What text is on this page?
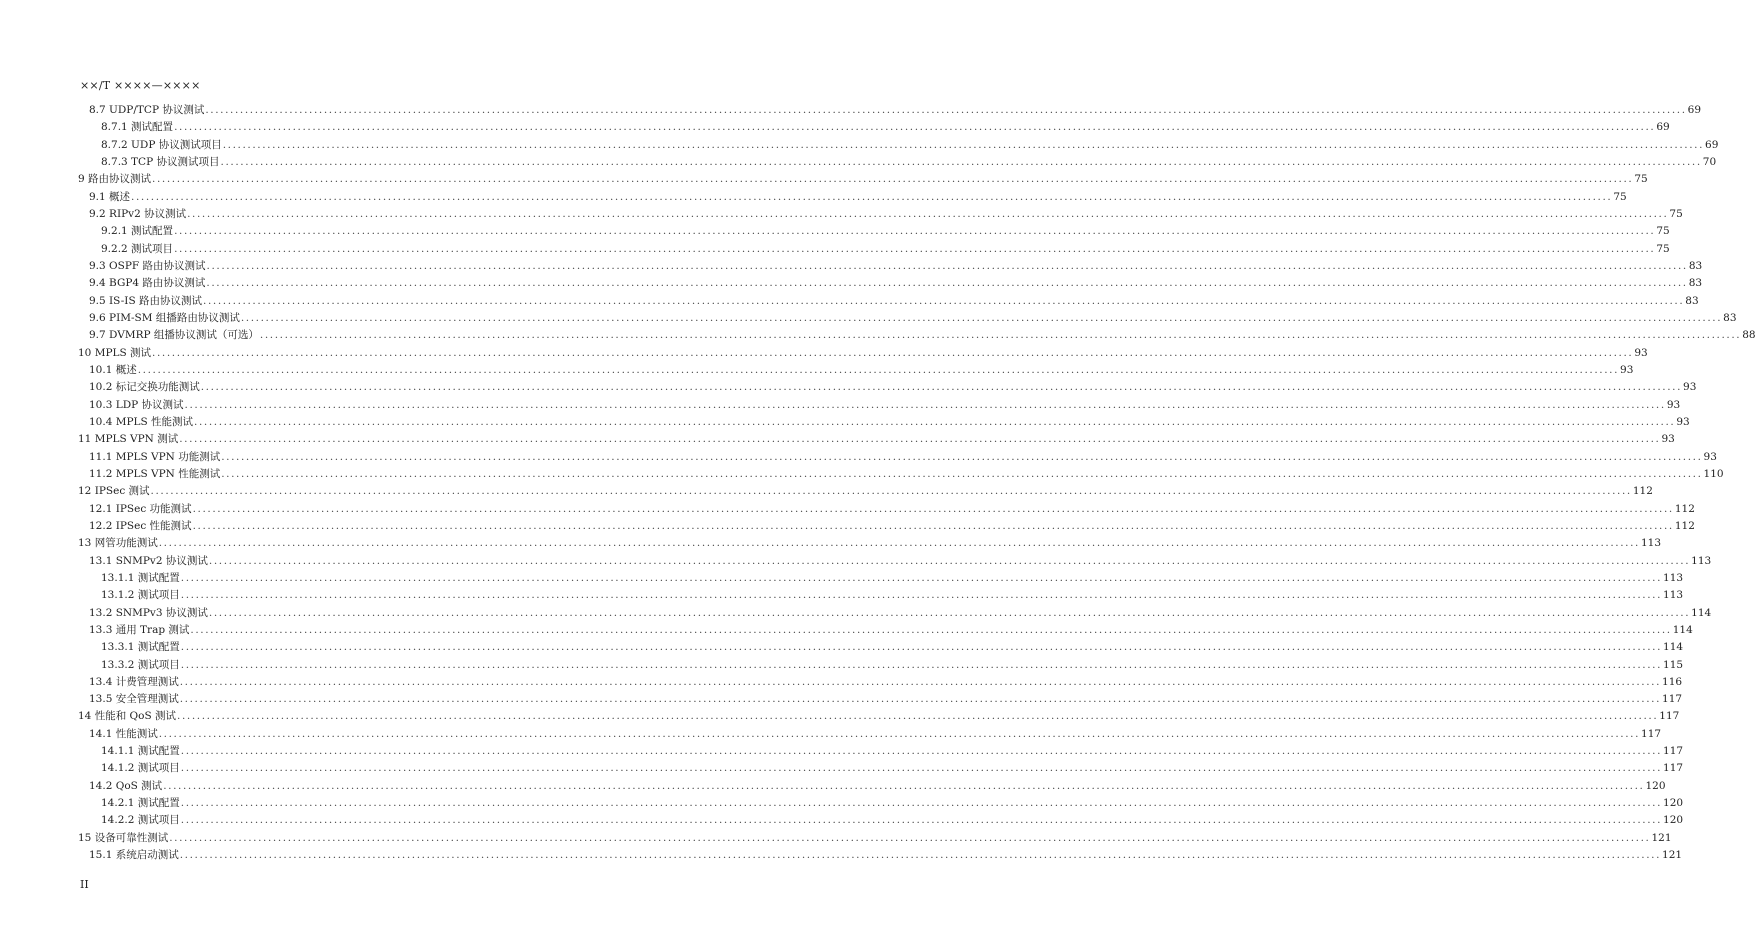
××/T ××××—××××
8.7 UDP/TCP 协议测试 ............................................................................................................................................................................................................................................................................................................ 69
8.7.1 测试配置 ............................................................................................................................................................................................................................................................................................................ 69
8.7.2 UDP 协议测试项目 ............................................................................................................................................................................................................................................................................................................ 69
8.7.3 TCP 协议测试项目 ............................................................................................................................................................................................................................................................................................................ 70
9 路由协议测试 ............................................................................................................................................................................................................................................................................................................ 75
9.1 概述 ............................................................................................................................................................................................................................................................................................................ 75
9.2 RIPv2 协议测试 ............................................................................................................................................................................................................................................................................................................ 75
9.2.1 测试配置 ............................................................................................................................................................................................................................................................................................................ 75
9.2.2 测试项目 ............................................................................................................................................................................................................................................................................................................ 75
9.3 OSPF 路由协议测试 ............................................................................................................................................................................................................................................................................................................ 83
9.4 BGP4 路由协议测试 ............................................................................................................................................................................................................................................................................................................ 83
9.5 IS-IS 路由协议测试 ............................................................................................................................................................................................................................................................................................................ 83
9.6 PIM-SM 组播路由协议测试 ............................................................................................................................................................................................................................................................................................................ 83
9.7 DVMRP 组播协议测试（可选） ............................................................................................................................................................................................................................................................................................................ 88
10 MPLS 测试 ............................................................................................................................................................................................................................................................................................................ 93
10.1 概述 ............................................................................................................................................................................................................................................................................................................ 93
10.2 标记交换功能测试 ............................................................................................................................................................................................................................................................................................................ 93
10.3 LDP 协议测试 ............................................................................................................................................................................................................................................................................................................ 93
10.4 MPLS 性能测试 ............................................................................................................................................................................................................................................................................................................ 93
11 MPLS VPN 测试 ............................................................................................................................................................................................................................................................................................................ 93
11.1 MPLS VPN 功能测试 ............................................................................................................................................................................................................................................................................................................ 93
11.2 MPLS VPN 性能测试 ............................................................................................................................................................................................................................................................................................................ 110
12 IPSec 测试 ............................................................................................................................................................................................................................................................................................................ 112
12.1 IPSec 功能测试 ............................................................................................................................................................................................................................................................................................................ 112
12.2 IPSec 性能测试 ............................................................................................................................................................................................................................................................................................................ 112
13 网管功能测试 ............................................................................................................................................................................................................................................................................................................ 113
13.1 SNMPv2 协议测试 ............................................................................................................................................................................................................................................................................................................ 113
13.1.1 测试配置 ............................................................................................................................................................................................................................................................................................................ 113
13.1.2 测试项目 ............................................................................................................................................................................................................................................................................................................ 113
13.2 SNMPv3 协议测试 ............................................................................................................................................................................................................................................................................................................ 114
13.3 通用 Trap 测试 ............................................................................................................................................................................................................................................................................................................ 114
13.3.1 测试配置 ............................................................................................................................................................................................................................................................................................................ 114
13.3.2 测试项目 ............................................................................................................................................................................................................................................................................................................ 115
13.4 计费管理测试 ............................................................................................................................................................................................................................................................................................................ 116
13.5 安全管理测试 ............................................................................................................................................................................................................................................................................................................ 117
14 性能和 QoS 测试 ............................................................................................................................................................................................................................................................................................................ 117
14.1 性能测试 ............................................................................................................................................................................................................................................................................................................ 117
14.1.1 测试配置 ............................................................................................................................................................................................................................................................................................................ 117
14.1.2 测试项目 ............................................................................................................................................................................................................................................................................................................ 117
14.2 QoS 测试 ............................................................................................................................................................................................................................................................................................................ 120
14.2.1 测试配置 ............................................................................................................................................................................................................................................................................................................ 120
14.2.2 测试项目 ............................................................................................................................................................................................................................................................................................................ 120
15 设备可靠性测试 ............................................................................................................................................................................................................................................................................................................ 121
15.1 系统启动测试 ............................................................................................................................................................................................................................................................................................................ 121
II
